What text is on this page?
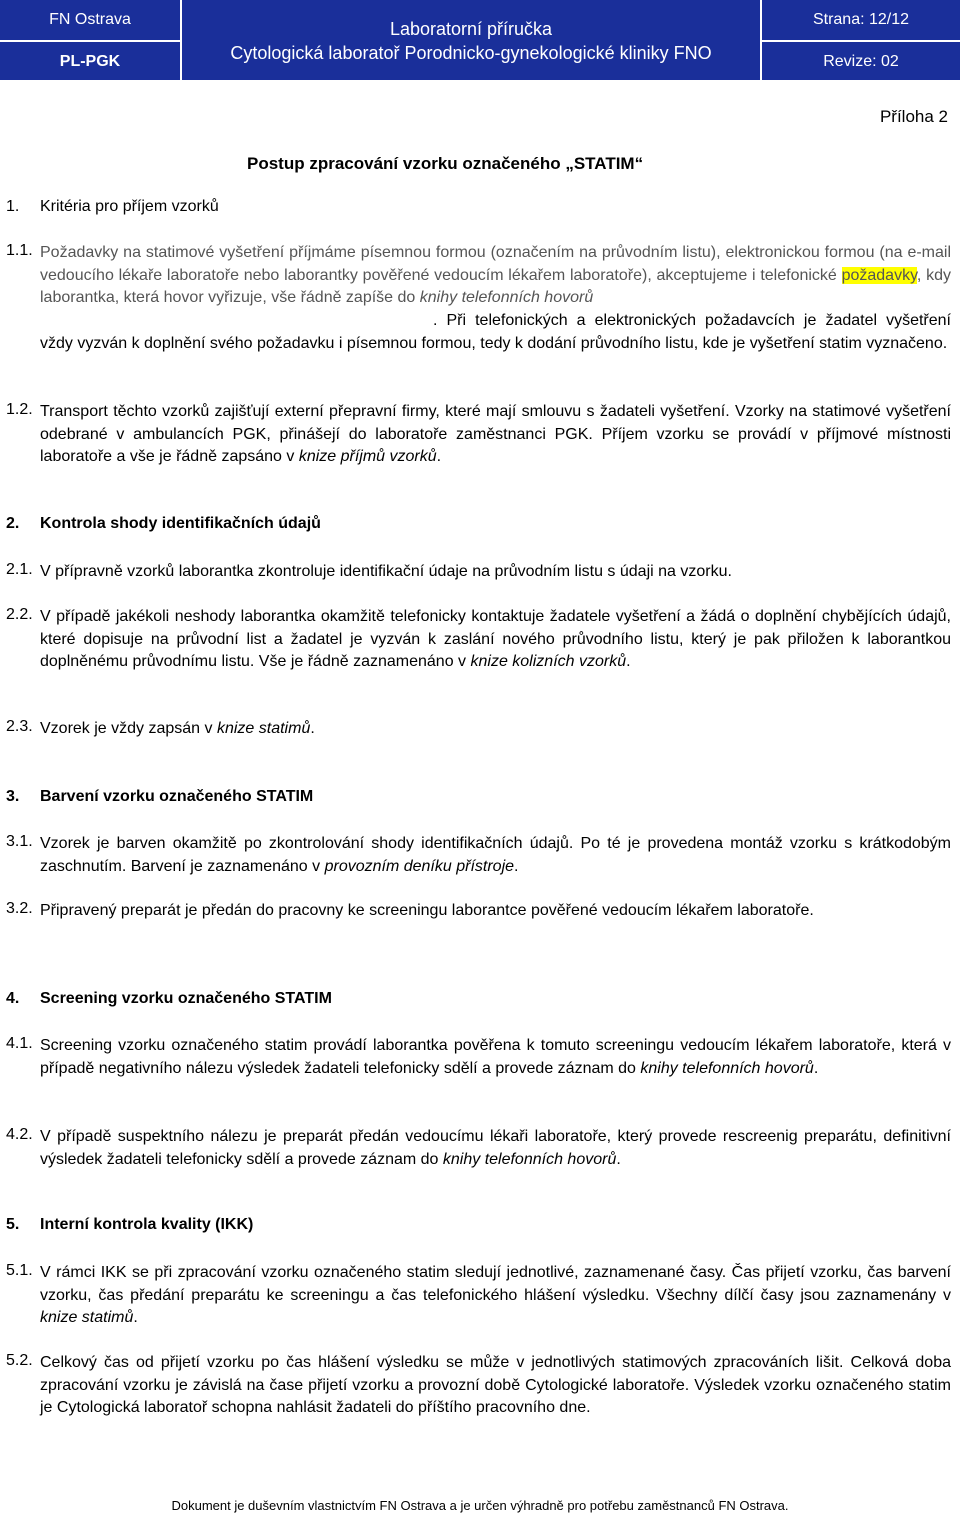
FN Ostrava
PL-PGK
Laboratorní příručka
Cytologická laboratoř Porodnicko-gynekologické kliniky FNO
Strana: 12/12
Revize: 02
Příloha 2
Postup zpracování vzorku označeného „STATIM“
1. Kritéria pro příjem vzorků
1.1. Požadavky na statimové vyšetření příjmáme písemnou formou (označením na průvodním listu), elektronickou formou (na e-mail vedoucího lékaře laboratoře nebo laborantky pověřené vedoucím lékařem laboratoře), akceptujeme i telefonické požadavky, kdy laborantka, která hovor vyřizuje, vše řádně zapíše do knihy telefonních hovorů
. Při telefonických a elektronických požadavcích je žadatel vyšetření vždy vyzván k doplnění svého požadavku i písemnou formou, tedy k dodání průvodního listu, kde je vyšetření statim vyznačeno.
1.2. Transport těchto vzorků zajišťují externí přepravní firmy, které mají smlouvu s žadateli vyšetření. Vzorky na statimové vyšetření odebrané v ambulancích PGK, přinášejí do laboratoře zaměstnanci PGK. Příjem vzorku se provádí v příjmové místnosti laboratoře a vše je řádně zapsáno v knize příjmů vzorků.
2. Kontrola shody identifikačních údajů
2.1. V přípravně vzorků laborantka zkontroluje identifikační údaje na průvodním listu s údaji na vzorku.
2.2. V případě jakékoli neshody laborantka okamžitě telefonicky kontaktuje žadatele vyšetření a žádá o doplnění chybějících údajů, které dopisuje na průvodní list a žadatel je vyzván k zaslání nového průvodního listu, který je pak přiložen k laborantkou doplněnému průvodnímu listu. Vše je řádně zaznamenáno v knize kolizních vzorků.
2.3. Vzorek je vždy zapsán v knize statimů.
3. Barvení vzorku označeného STATIM
3.1. Vzorek je barven okamžitě po zkontrolování shody identifikačních údajů. Po té je provedena montáž vzorku s krátkodobým zaschnutím. Barvení je zaznamenáno v provozním deníku přístroje.
3.2. Připravený preparát je předán do pracovny ke screeningu laborantce pověřené vedoucím lékařem laboratoře.
4. Screening vzorku označeného STATIM
4.1. Screening vzorku označeného statim provádí laborantka pověřena k tomuto screeningu vedoucím lékařem laboratoře, která v případě negativního nálezu výsledek žadateli telefonicky sdělí a provede záznam do knihy telefonních hovorů.
4.2. V případě suspektního nálezu je preparát předán vedoucímu lékaři laboratoře, který provede rescreenig preparátu, definitivní výsledek žadateli telefonicky sdělí a provede záznam do knihy telefonních hovorů.
5. Interní kontrola kvality (IKK)
5.1. V rámci IKK se při zpracování vzorku označeného statim sledují jednotlivé, zaznamenané časy. Čas přijetí vzorku, čas barvení vzorku, čas předání preparátu ke screeningu a čas telefonického hlášení výsledku. Všechny dílčí časy jsou zaznamenány v knize statimů.
5.2. Celkový čas od přijetí vzorku po čas hlášení výsledku se může v jednotlivých statimových zpracováních lišit. Celková doba zpracování vzorku je závislá na čase přijetí vzorku a provozní době Cytologické laboratoře. Výsledek vzorku označeného statim je Cytologická laboratoř schopna nahlásit žadateli do příštího pracovního dne.
Dokument je duševním vlastnictvím FN Ostrava a je určen výhradně pro potřebu zaměstnanců FN Ostrava.
